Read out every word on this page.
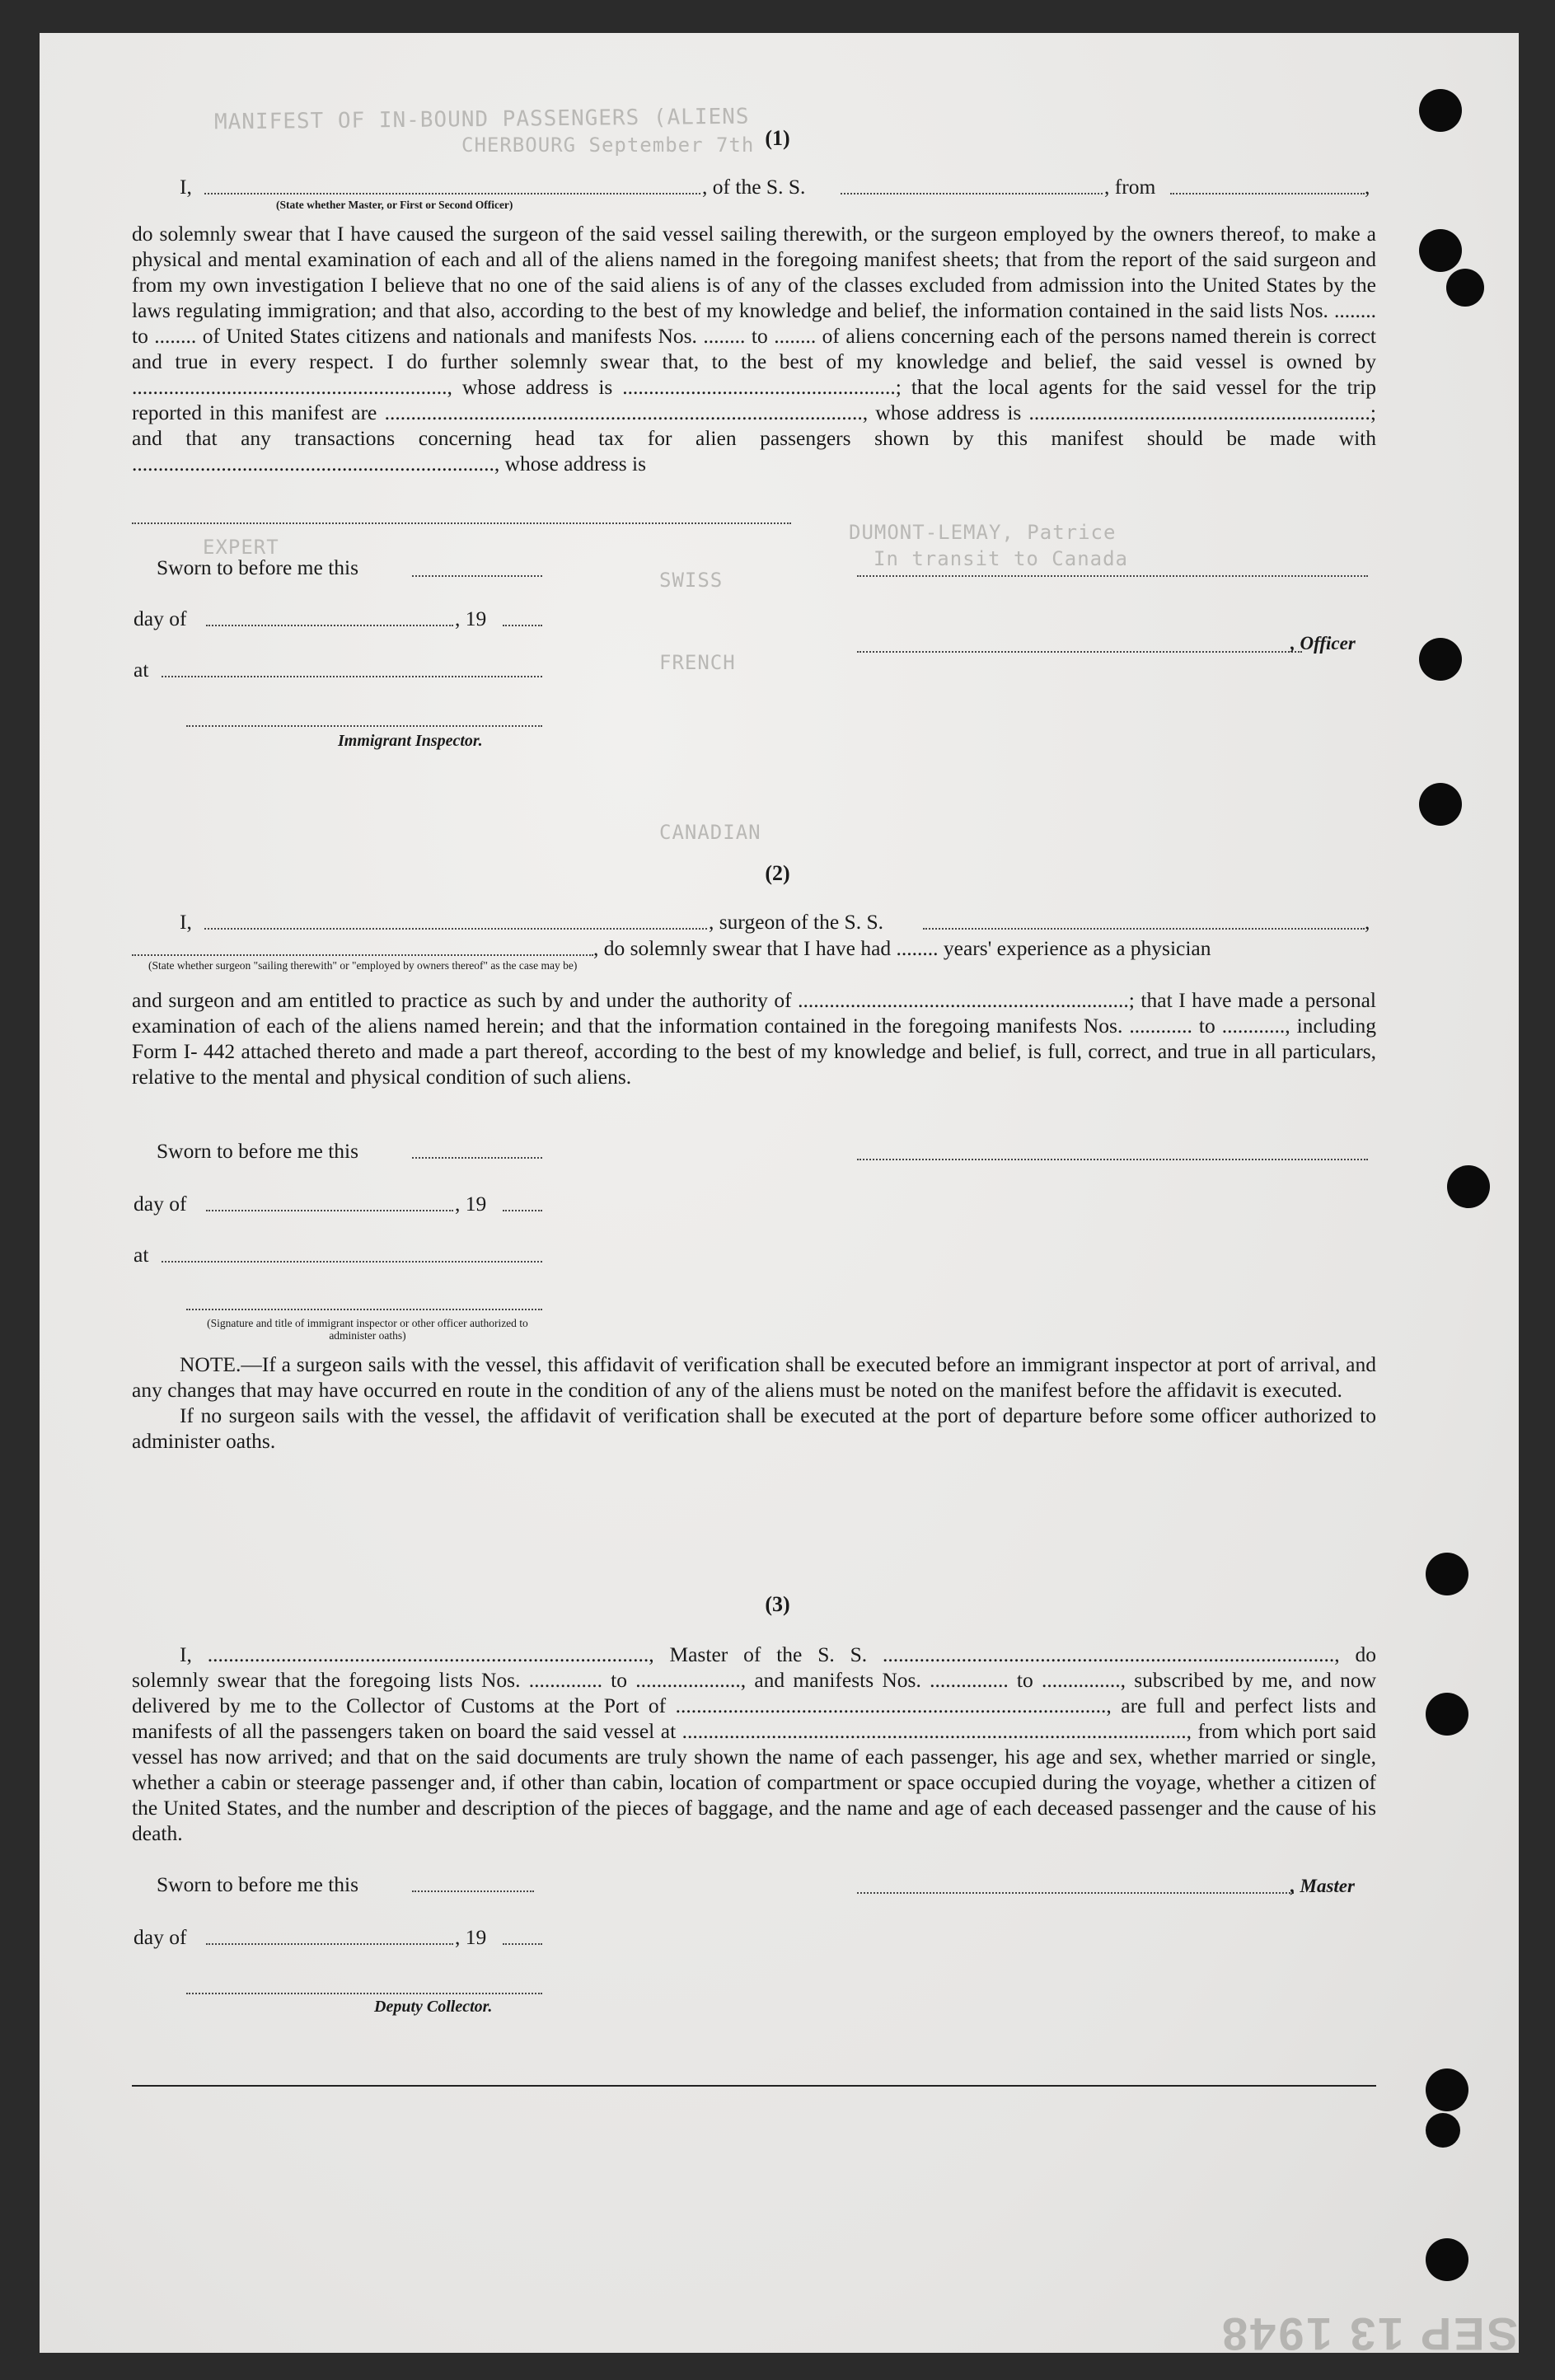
MANIFEST OF IN-BOUND PASSENGERS (ALIENS
CHERBOURG September 7th
DUMONT-LEMAY, Patrice
In transit to Canada
EXPERT
SWISS
FRENCH
CANADIAN
(1)
I,	, of the S. S.	, from	,
(State whether Master, or First or Second Officer)

do solemnly swear that I have caused the surgeon of the said vessel sailing therewith, or the surgeon employed by the owners thereof, to make a physical and mental examination of each and all of the aliens named in the foregoing manifest sheets; that from the report of the said surgeon and from my own investigation I believe that no one of the said aliens is of any of the classes excluded from admission into the United States by the laws regulating immigration; and that also, according to the best of my knowledge and belief, the information contained in the said lists Nos. ........ to ........ of United States citizens and nationals and manifests Nos. ........ to ........ of aliens concerning each of the persons named therein is correct and true in every respect. I do further solemnly swear that, to the best of my knowledge and belief, the said vessel is owned by ............................................................, whose address is ....................................................; that the local agents for the said vessel for the trip reported in this manifest are ..........................................................................................., whose address is .................................................................; and that any transactions concerning head tax for alien passengers shown by this manifest should be made with ....................................................................., whose address is

Sworn to before me this
day of	, 19
, Officer
at
Immigrant Inspector.
(2)
I,	, surgeon of the S. S.	,
, do solemnly swear that I have had ........ years' experience as a physician
(State whether surgeon "sailing therewith" or "employed by owners thereof" as the case may be)

and surgeon and am entitled to practice as such by and under the authority of ...............................................................; that I have made a personal examination of each of the aliens named herein; and that the information contained in the foregoing manifests Nos. ............ to ............, including Form I- 442 attached thereto and made a part thereof, according to the best of my knowledge and belief, is full, correct, and true in all particulars, relative to the mental and physical condition of such aliens.

Sworn to before me this
day of	, 19
at
(Signature and title of immigrant inspector or other officer authorized to administer oaths)

NOTE.—If a surgeon sails with the vessel, this affidavit of verification shall be executed before an immigrant inspector at port of arrival, and any changes that may have occurred en route in the condition of any of the aliens must be noted on the manifest before the affidavit is executed.

If no surgeon sails with the vessel, the affidavit of verification shall be executed at the port of departure before some officer authorized to administer oaths.

(3)

I, ...................................................................................., Master of the S. S. ......................................................................................, do solemnly swear that the foregoing lists Nos. .............. to ...................., and manifests Nos. ............... to ..............., subscribed by me, and now delivered by me to the Collector of Customs at the Port of .................................................................................., are full and perfect lists and manifests of all the passengers taken on board the said vessel at ................................................................................................, from which port said vessel has now arrived; and that on the said documents are truly shown the name of each passenger, his age and sex, whether married or single, whether a cabin or steerage passenger and, if other than cabin, location of compartment or space occupied during the voyage, whether a citizen of the United States, and the number and description of the pieces of baggage, and the name and age of each deceased passenger and the cause of his death.

Sworn to before me this	, Master
day of	, 19
Deputy Collector.
SEP 13 1948
